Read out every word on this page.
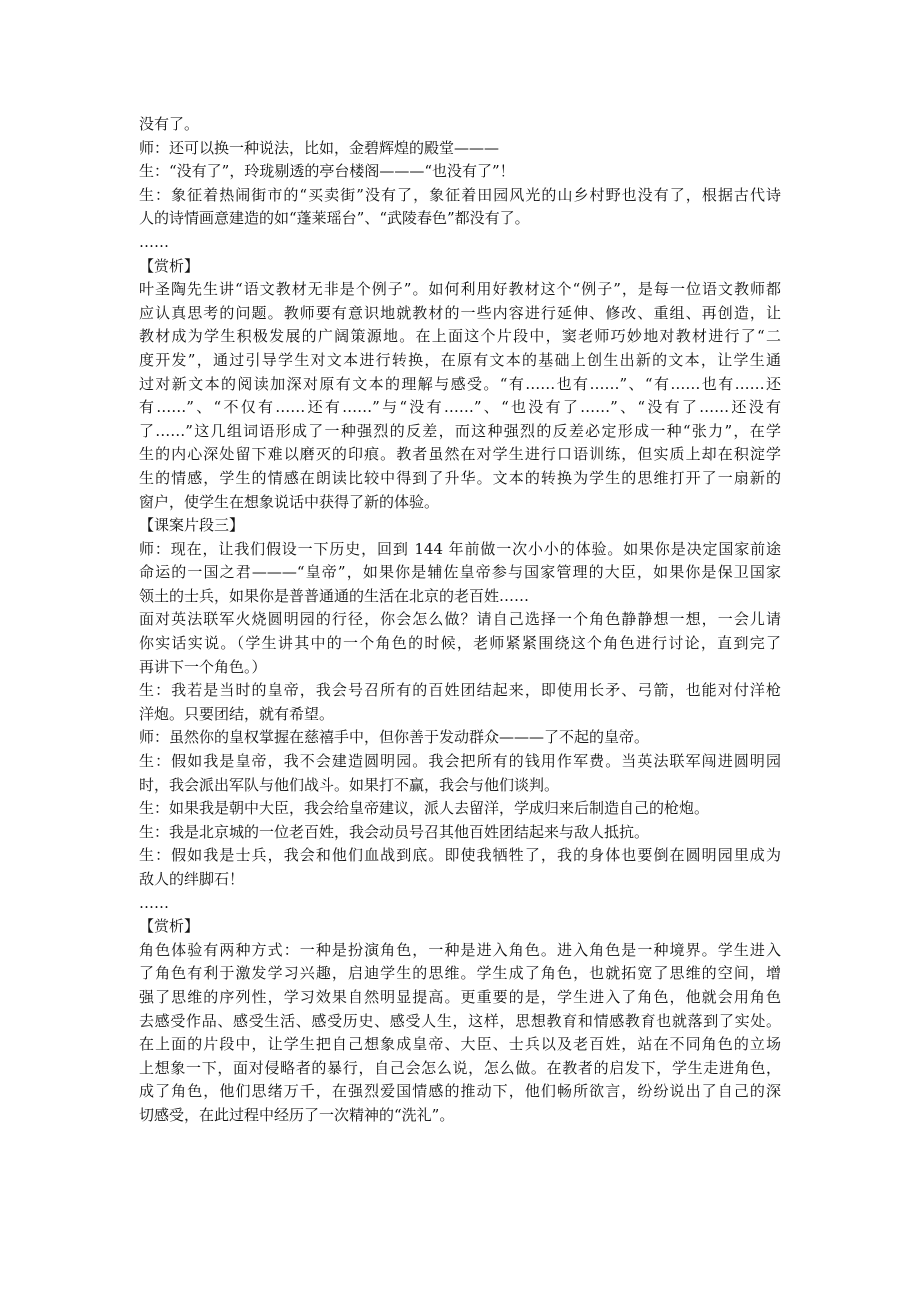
没有了。
师：还可以换一种说法，比如，金碧辉煌的殿堂———
生：“没有了”，玲珑剔透的亭台楼阁———“也没有了”！
生：象征着热闹街市的“买卖街”没有了，象征着田园风光的山乡村野也没有了，根据古代诗
人的诗情画意建造的如“蓬莱瑶台”、“武陵春色”都没有了。
……
【赏析】
叶圣陶先生讲“语文教材无非是个例子”。如何利用好教材这个“例子”，是每一位语文教师都
应认真思考的问题。教师要有意识地就教材的一些内容进行延伸、修改、重组、再创造，让
教材成为学生积极发展的广阔策源地。在上面这个片段中，窦老师巧妙地对教材进行了“二
度开发”，通过引导学生对文本进行转换，在原有文本的基础上创生出新的文本，让学生通
过对新文本的阅读加深对原有文本的理解与感受。“有……也有……”、“有……也有……还
有……”、“不仅有……还有……”与“没有……”、“也没有了……”、“没有了……还没有
了……”这几组词语形成了一种强烈的反差，而这种强烈的反差必定形成一种“张力”，在学
生的内心深处留下难以磨灭的印痕。教者虽然在对学生进行口语训练，但实质上却在积淀学
生的情感，学生的情感在朗读比较中得到了升华。文本的转换为学生的思维打开了一扇新的
窗户，使学生在想象说话中获得了新的体验。
【课案片段三】
师：现在，让我们假设一下历史，回到 144 年前做一次小小的体验。如果你是决定国家前途
命运的一国之君———“皇帝”，如果你是辅佐皇帝参与国家管理的大臣，如果你是保卫国家
领土的士兵，如果你是普普通通的生活在北京的老百姓……
面对英法联军火烧圆明园的行径，你会怎么做？请自己选择一个角色静静想一想，一会儿请
你实话实说。（学生讲其中的一个角色的时候，老师紧紧围绕这个角色进行讨论，直到完了
再讲下一个角色。）
生：我若是当时的皇帝，我会号召所有的百姓团结起来，即使用长矛、弓箭，也能对付洋枪
洋炮。只要团结，就有希望。
师：虽然你的皇权掌握在慈禧手中，但你善于发动群众———了不起的皇帝。
生：假如我是皇帝，我不会建造圆明园。我会把所有的钱用作军费。当英法联军闯进圆明园
时，我会派出军队与他们战斗。如果打不赢，我会与他们谈判。
生：如果我是朝中大臣，我会给皇帝建议，派人去留洋，学成归来后制造自己的枪炮。
生：我是北京城的一位老百姓，我会动员号召其他百姓团结起来与敌人抵抗。
生：假如我是士兵，我会和他们血战到底。即使我牺牲了，我的身体也要倒在圆明园里成为
敌人的绊脚石！
……
【赏析】
角色体验有两种方式：一种是扮演角色，一种是进入角色。进入角色是一种境界。学生进入
了角色有利于激发学习兴趣，启迪学生的思维。学生成了角色，也就拓宽了思维的空间，增
强了思维的序列性，学习效果自然明显提高。更重要的是，学生进入了角色，他就会用角色
去感受作品、感受生活、感受历史、感受人生，这样，思想教育和情感教育也就落到了实处。
在上面的片段中，让学生把自己想象成皇帝、大臣、士兵以及老百姓，站在不同角色的立场
上想象一下，面对侵略者的暴行，自己会怎么说，怎么做。在教者的启发下，学生走进角色，
成了角色，他们思绪万千，在强烈爱国情感的推动下，他们畅所欲言，纷纷说出了自己的深
切感受，在此过程中经历了一次精神的“洗礼”。
